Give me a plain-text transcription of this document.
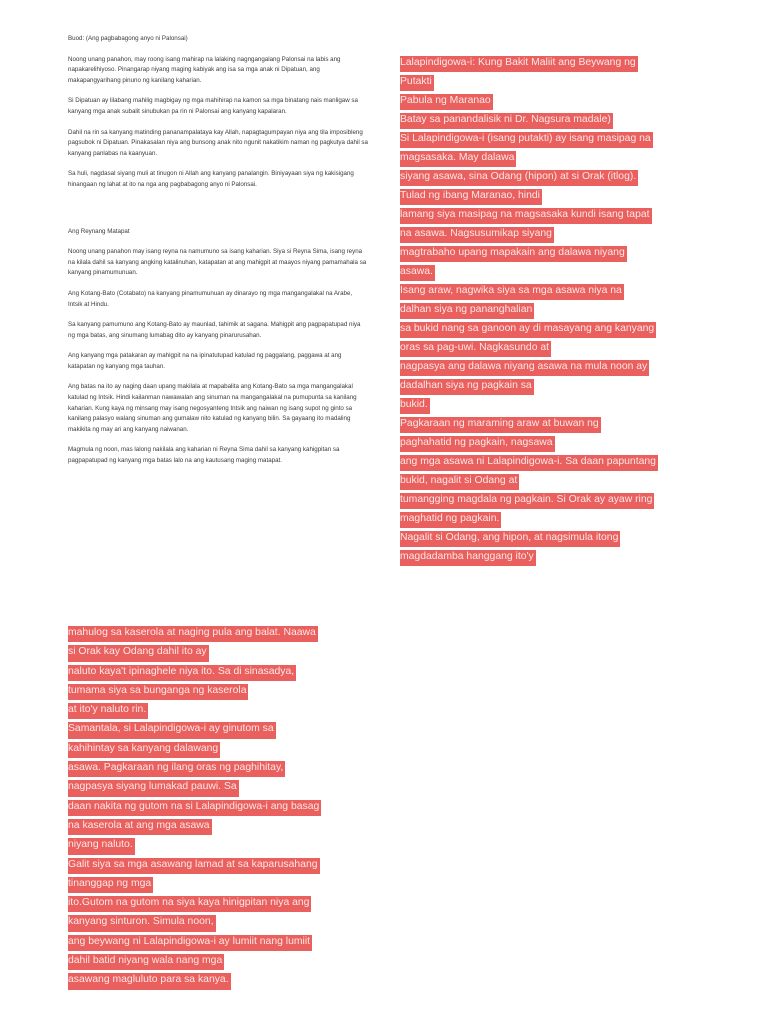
Buod: (Ang pagbabagong anyo ni Palonsai)

Noong unang panahon, may roong isang mahirap na lalaking nagngangalang Palonsai na labis ang napakarelihiyoso. Pinangarap niyang maging kabiyak ang isa sa mga anak ni Dipatuan, ang makapangyarihang pinuno ng kanilang kaharian.

Si Dipatuan ay lilabang mahilig magbigay ng mga mahihirap na kamon sa mga binatang nais manligaw sa kanyang mga anak subalit sinubukan pa rin ni Palonsai ang kanyang kapalaran.

Dahil na rin sa kanyang matinding pananampalataya kay Allah, napagtagumpayan niya ang tila imposibleng pagsubok ni Dipatuan. Pinakasalan niya ang bunsong anak nito ngunit nakatikim naman ng pagkutya dahil sa kanyang panlabas na kaanyuan.

Sa huli, nagdasal siyang muli at tinugon ni Allah ang kanyang panalangin. Biniyayaan siya ng kakisigang hinangaan ng lahat at ito na nga ang pagbabagong anyo ni Palonsai.

Ang Reynang Matapat

Noong unang panahon may isang reyna na namumuno sa isang kaharian. Siya si Reyna Sima, isang reyna na kilala dahil sa kanyang angking katalinuhan, katapatan at ang mahigpit at maayos niyang pamamahala sa kanyang pinamumunuan.

Ang Kotang-Bato (Cotabato) na kanyang pinamumunuan ay dinarayo ng mga mangangalakal na Arabe, Intsik at Hindu.

Sa kanyang pamumuno ang Kotang-Bato ay maunlad, tahimik at sagana. Mahigpit ang pagpapatupad niya ng mga batas, ang sinumang lumabag dito ay kanyang pinarurusahan.

Ang kanyang mga patakaran ay mahigpit na na ipinatutupad katulad ng paggalang, paggawa at ang katapatan ng kanyang mga tauhan.

Ang batas na ito ay naging daan upang makilala at mapabalita ang Kotang-Bato sa mga mangangalakal katulad ng Intsik. Hindi kailanman nawawalan ang sinuman na mangangalakal na pumupunta sa kanilang kaharian. Kung kaya ng minsang may isang negosyanteng Intsik ang naiwan ng isang supot ng ginto sa kanilang palasyo walang sinuman ang gumalaw nito katulad ng kanyang bilin. Sa gayaang ito madaling makikita ng may ari ang kanyang naiwanan.

Magmula ng noon, mas lalong nakilala ang kaharian ni Reyna Sima dahil sa kanyang kahigpitan sa pagpapatupad ng kanyang mga batas lalo na ang kautusang maging matapat.

Lalapindigowa-i: Kung Bakit Maliit ang Beywang ng
Putakti
Pabula ng Maranao
Batay sa panandalisik ni Dr. Nagsura madale)
Si Lalapindigowa-i (isang putakti) ay isang masipag na
magsasaka. May dalawa
siyang asawa, sina Odang (hipon) at si Orak (itlog).
Tulad ng ibang Maranao, hindi
lamang siya masipag na magsasaka kundi isang tapat
na asawa. Nagsusumikap siyang
magtrabaho upang mapakain ang dalawa niyang
asawa.
Isang araw, nagwika siya sa mga asawa niya na
dalhan siya ng pananghalian
sa bukid nang sa ganoon ay di masayang ang kanyang
oras sa pag-uwi. Nagkasundo at
nagpasya ang dalawa niyang asawa na mula noon ay
dadalhan siya ng pagkain sa
bukid.
Pagkaraan ng maraming araw at buwan ng
paghahatid ng pagkain, nagsawa
ang mga asawa ni Lalapindigowa-i. Sa daan papuntang
bukid, nagalit si Odang at
tumangging magdala ng pagkain. Si Orak ay ayaw ring
maghatid ng pagkain.
Nagalit si Odang, ang hipon, at nagsimula itong
magdadamba hanggang ito'y
mahulog sa kaserola at naging pula ang balat. Naawa
si Orak kay Odang dahil ito ay
naluto kaya't ipinaghele niya ito. Sa di sinasadya,
tumama siya sa bunganga ng kaserola
at ito'y naluto rin.
Samantala, si Lalapindigowa-i ay ginutom sa
kahihintay sa kanyang dalawang
asawa. Pagkaraan ng ilang oras ng paghihitay,
nagpasya siyang lumakad pauwi. Sa
daan nakita ng gutom na si Lalapindigowa-i ang basag
na kaserola at ang mga asawa
niyang naluto.
Galit siya sa mga asawang lamad at sa kaparusahang
tinanggap ng mga
ito.Gutom na gutom na siya kaya hinigpitan niya ang
kanyang sinturon. Simula noon,
ang beywang ni Lalapindigowa-i ay lumiit nang lumiit
dahil batid niyang wala nang mga
asawang magluluto para sa kanya.
